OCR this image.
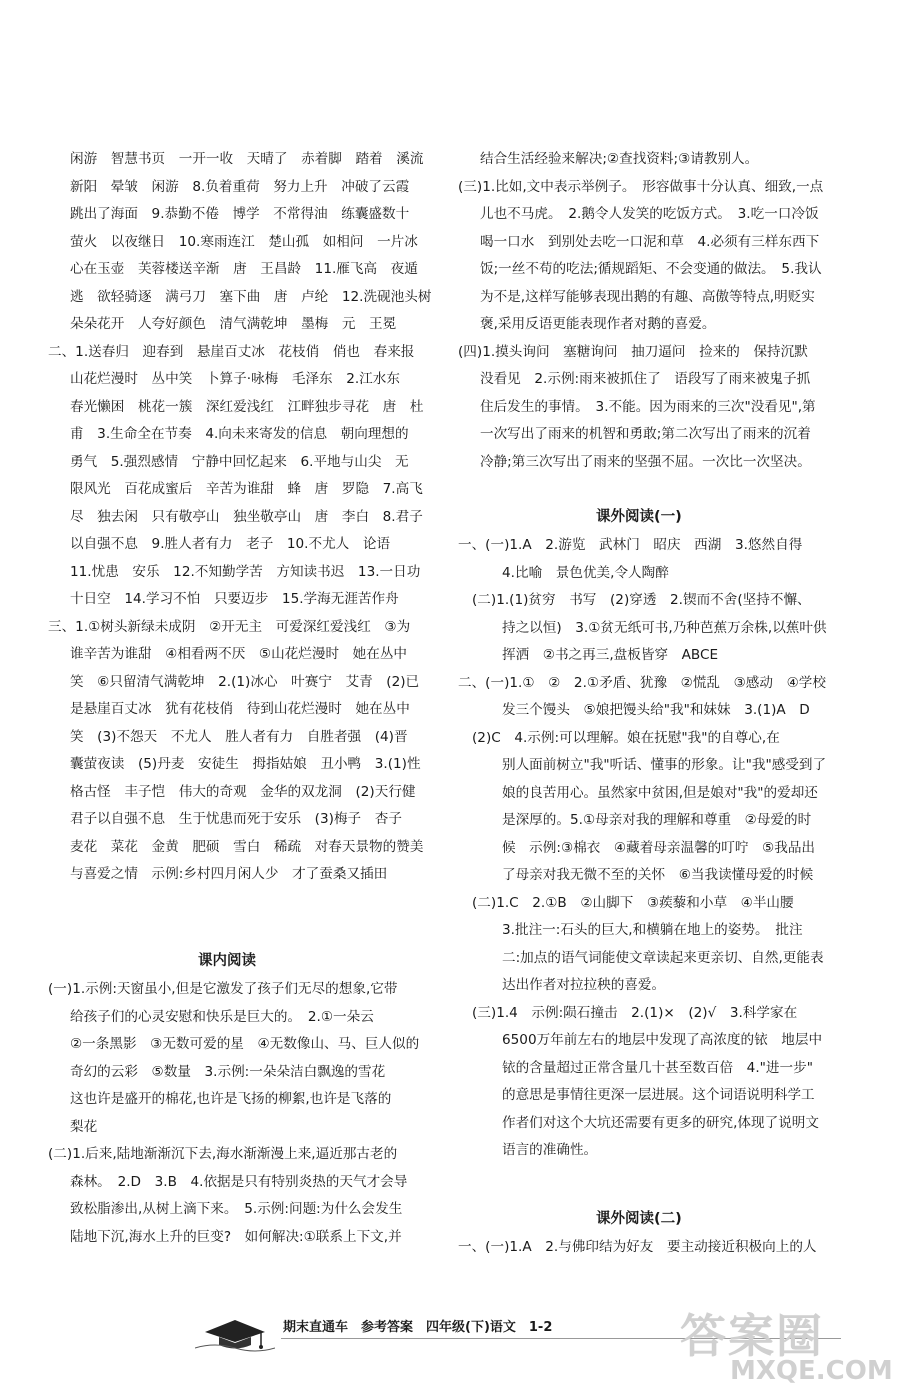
闲游　智慧书页　一开一收　天晴了　赤着脚　踏着　溪流
新阳　晕皱　闲游　8.负着重荷　努力上升　冲破了云霞
跳出了海面　9.恭勤不倦　博学　不常得油　练囊盛数十
萤火　以夜继日　10.寒雨连江　楚山孤　如相问　一片冰
心在玉壶　芙蓉楼送辛渐　唐　王昌龄　11.雁飞高　夜遁
逃　欲轻骑逐　满弓刀　塞下曲　唐　卢纶　12.洗砚池头树
朵朵花开　人夸好颜色　清气满乾坤　墨梅　元　王冕
二、1.送春归　迎春到　悬崖百丈冰　花枝俏　俏也　春来报
山花烂漫时　丛中笑　卜算子·咏梅　毛泽东　2.江水东
春光懒困　桃花一簇　深红爱浅红　江畔独步寻花　唐　杜
甫　3.生命全在节奏　4.向未来寄发的信息　朝向理想的
勇气　5.强烈感情　宁静中回忆起来　6.平地与山尖　无
限风光　百花成蜜后　辛苦为谁甜　蜂　唐　罗隐　7.高飞
尽　独去闲　只有敬亭山　独坐敬亭山　唐　李白　8.君子
以自强不息　9.胜人者有力　老子　10.不尤人　论语
11.忧患　安乐　12.不知勤学苦　方知读书迟　13.一日功
十日空　14.学习不怕　只要迈步　15.学海无涯苦作舟
三、1.①树头新绿未成阴　②开无主　可爱深红爱浅红　③为
谁辛苦为谁甜　④相看两不厌　⑤山花烂漫时　她在丛中
笑　⑥只留清气满乾坤　2.(1)冰心　叶赛宁　艾青　(2)已
是悬崖百丈冰　犹有花枝俏　待到山花烂漫时　她在丛中
笑　(3)不怨天　不尤人　胜人者有力　自胜者强　(4)晋
囊萤夜读　(5)丹麦　安徒生　拇指姑娘　丑小鸭　3.(1)性
格古怪　丰子恺　伟大的奇观　金华的双龙洞　(2)天行健
君子以自强不息　生于忧患而死于安乐　(3)梅子　杏子
麦花　菜花　金黄　肥硕　雪白　稀疏　对春天景物的赞美
与喜爱之情　示例:乡村四月闲人少　才了蚕桑又插田
课内阅读
(一)1.示例:天窗虽小,但是它激发了孩子们无尽的想象,它带
给孩子们的心灵安慰和快乐是巨大的。　2.①一朵云
②一条黑影　③无数可爱的星　④无数像山、马、巨人似的
奇幻的云彩　⑤数量　3.示例:一朵朵洁白飘逸的雪花
这也许是盛开的棉花,也许是飞扬的柳絮,也许是飞落的
梨花
(二)1.后来,陆地渐渐沉下去,海水渐渐漫上来,逼近那古老的
森林。　2.D　3.B　4.依据是只有特别炎热的天气才会导
致松脂渗出,从树上滴下来。　5.示例:问题:为什么会发生
陆地下沉,海水上升的巨变?　如何解决:①联系上下文,并
结合生活经验来解决;②查找资料;③请教别人。
(三)1.比如,文中表示举例子。　形容做事十分认真、细致,一点
儿也不马虎。　2.鹅令人发笑的吃饭方式。　3.吃一口冷饭
喝一口水　到别处去吃一口泥和草　4.必须有三样东西下
饭;一丝不苟的吃法;循规蹈矩、不会变通的做法。　5.我认
为不是,这样写能够表现出鹅的有趣、高傲等特点,明贬实
褒,采用反语更能表现作者对鹅的喜爱。
(四)1.摸头询问　塞糖询问　抽刀逼问　捡来的　保持沉默
没看见　2.示例:雨来被抓住了　语段写了雨来被鬼子抓
住后发生的事情。　3.不能。因为雨来的三次"没看见",第
一次写出了雨来的机智和勇敢;第二次写出了雨来的沉着
冷静;第三次写出了雨来的坚强不屈。一次比一次坚决。
课外阅读(一)
一、(一)1.A　2.游览　武林门　昭庆　西湖　3.悠然自得
4.比喻　景色优美,令人陶醉
(二)1.(1)贫穷　书写　(2)穿透　2.锲而不舍(坚持不懈、
持之以恒)　3.①贫无纸可书,乃种芭蕉万余株,以蕉叶供
挥洒　②书之再三,盘板皆穿　ABCE
二、(一)1.①　②　2.①矛盾、犹豫　②慌乱　③感动　④学校
发三个馒头　⑤娘把馒头给"我"和妹妹　3.(1)A　D
(2)C　4.示例:可以理解。娘在抚慰"我"的自尊心,在
别人面前树立"我"听话、懂事的形象。让"我"感受到了
娘的良苦用心。虽然家中贫困,但是娘对"我"的爱却还
是深厚的。5.①母亲对我的理解和尊重　②母爱的时
候　示例:③棉衣　④藏着母亲温馨的叮咛　⑤我品出
了母亲对我无微不至的关怀　⑥当我读懂母爱的时候
(二)1.C　2.①B　②山脚下　③蒺藜和小草　④半山腰
3.批注一:石头的巨大,和横躺在地上的姿势。　批注
二:加点的语气词能使文章读起来更亲切、自然,更能表
达出作者对拉拉秧的喜爱。
(三)1.4　示例:陨石撞击　2.(1)×　(2)√　3.科学家在
6500万年前左右的地层中发现了高浓度的铱　地层中
铱的含量超过正常含量几十甚至数百倍　4."进一步"
的意思是事情往更深一层进展。这个词语说明科学工
作者们对这个大坑还需要有更多的研究,体现了说明文
语言的准确性。
课外阅读(二)
一、(一)1.A　2.与佛印结为好友　要主动接近积极向上的人
期末直通车　参考答案　四年级(下)语文　1-2	答案圈
MXQE.COM
